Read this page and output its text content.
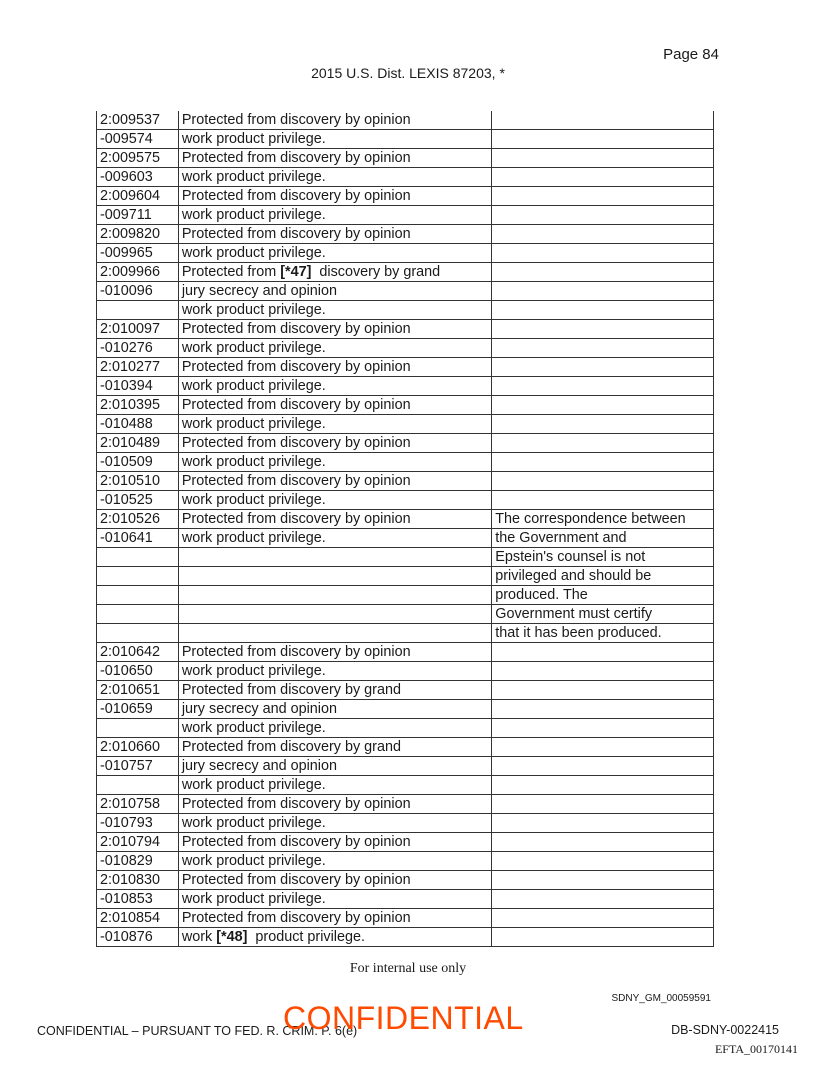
Page 84
2015 U.S. Dist. LEXIS 87203, *
2:009537	Protected from discovery by opinion	
-009574	work product privilege.	
2:009575	Protected from discovery by opinion	
-009603	work product privilege.	
2:009604	Protected from discovery by opinion	
-009711	work product privilege.	
2:009820	Protected from discovery by opinion	
-009965	work product privilege.	
2:009966	Protected from [*47]  discovery by grand	
-010096	jury secrecy and opinion	
	work product privilege.	
2:010097	Protected from discovery by opinion	
-010276	work product privilege.	
2:010277	Protected from discovery by opinion	
-010394	work product privilege.	
2:010395	Protected from discovery by opinion	
-010488	work product privilege.	
2:010489	Protected from discovery by opinion	
-010509	work product privilege.	
2:010510	Protected from discovery by opinion	
-010525	work product privilege.	
2:010526	Protected from discovery by opinion	The correspondence between
-010641	work product privilege.	the Government and
		Epstein's counsel is not
		privileged and should be
		produced. The
		Government must certify
		that it has been produced.
2:010642	Protected from discovery by opinion	
-010650	work product privilege.	
2:010651	Protected from discovery by grand	
-010659	jury secrecy and opinion	
	work product privilege.	
2:010660	Protected from discovery by grand	
-010757	jury secrecy and opinion	
	work product privilege.	
2:010758	Protected from discovery by opinion	
-010793	work product privilege.	
2:010794	Protected from discovery by opinion	
-010829	work product privilege.	
2:010830	Protected from discovery by opinion	
-010853	work product privilege.	
2:010854	Protected from discovery by opinion	
-010876	work [*48]  product privilege.	
For internal use only
SDNY_GM_00059591
CONFIDENTIAL – PURSUANT TO FED. R. CRIM. P. 6(e)
CONFIDENTIAL	DB-SDNY-0022415
EFTA_00170141
